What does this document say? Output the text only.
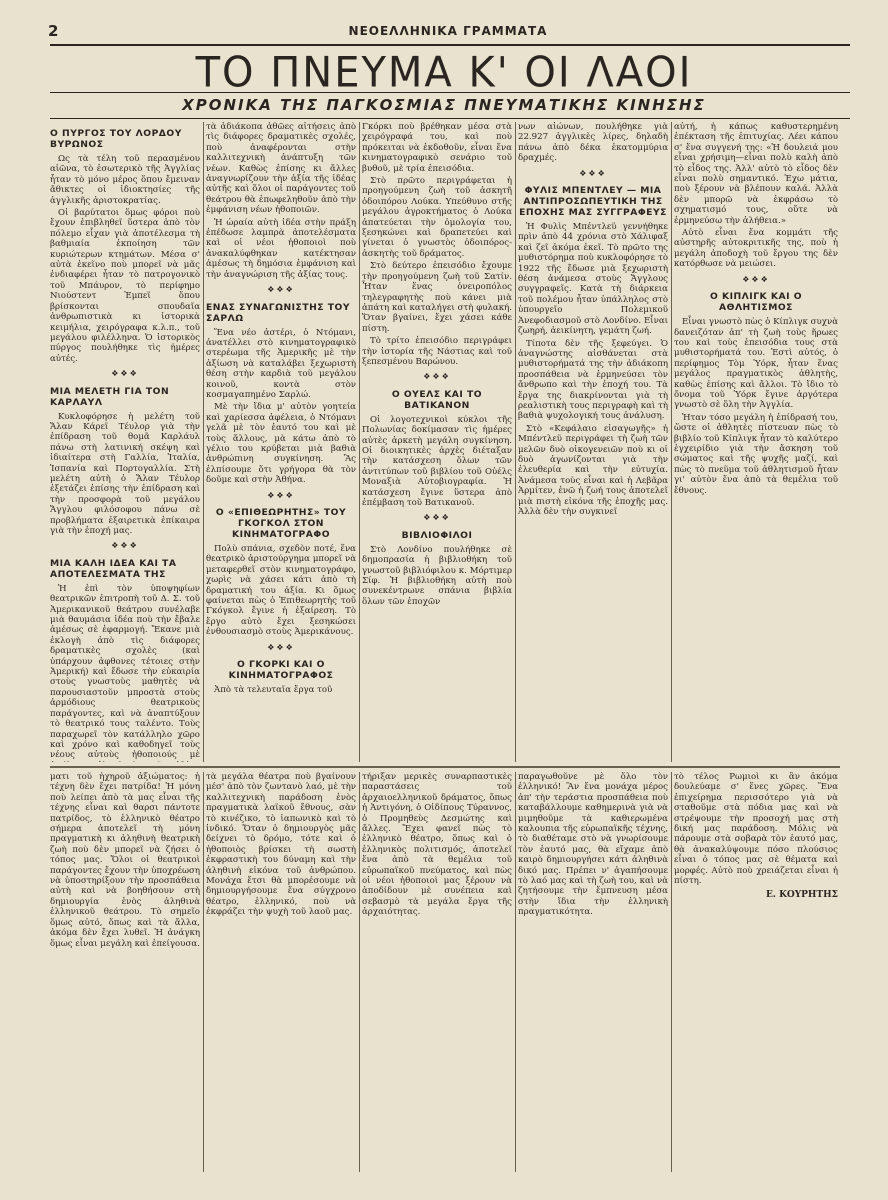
2	ΝΕΟΕΛΛΗΝΙΚΑ ΓΡΑΜΜΑΤΑ
ΤΟ ΠΝΕΥΜΑ Κ' ΟΙ ΛΑΟΙ
ΧΡΟΝΙΚΑ ΤΗΣ ΠΑΓΚΟΣΜΙΑΣ ΠΝΕΥΜΑΤΙΚΗΣ ΚΙΝΗΣΗΣ
Ο ΠΥΡΓΟΣ ΤΟΥ ΛΟΡΔΟΥ ΒΥΡΩΝΟΣ

Ως τὰ τέλη τοῦ περασμένου αἰῶνα, τὸ ἐσωτερικὸ τῆς Ἀγγλίας ἦταν τὸ μόνο μέρος ὅπου ἔμειναν ἄθικτες οἱ ἰδιοκτησίες τῆς ἀγγλικῆς ἀριστοκρατίας.

Οἱ βαρύτατοι ὅμως φόροι ποὺ ἔχουν ἐπιβληθεῖ ὕστερα ἀπὸ τὸν πόλεμο εἶχαν γιὰ ἀποτέλεσμα τὴ βαθμιαία ἐκποίηση τῶν κυριώτερων κτημάτων. Μέσα σ' αὐτὰ ἐκεῖνο ποὺ μπορεῖ νὰ μᾶς ἐνδιαφέρει ἦταν τὸ πατρογονικὸ τοῦ Μπάυρον, τὸ περίφημο Νιούστεντ Ἐμπεϊ ὅπου βρίσκονται σπουδαῖα ἀνθρωπιστικὰ κι ἱστορικὰ κειμήλια, χειρόγραφα κ.λ.π., τοῦ μεγάλου φιλέλληνα. Ὁ ἱστορικὸς πύργος πουλήθηκε τὶς ἡμέρες αὐτές.

❖❖❖
ΜΙΑ ΜΕΛΕΤΗ ΓΙΑ ΤΟΝ ΚΑΡΛΑΥΛ

Κυκλοφόρησε ἡ μελέτη τοῦ Ἄλαν Κάρεϊ Τέυλορ γιὰ τὴν ἐπίδραση τοῦ θομᾶ Καρλάυλ πάνω στὴ λατινική σκέψη καὶ ἰδιαίτερα στὴ Γαλλία, Ἰταλία, Ἰσπανία καὶ Πορτογαλλία. Στὴ μελέτη αὐτὴ ὁ Ἄλαν Τέυλορ ἐξετάζει ἐπίσης τὴν ἐπίδραση καὶ τὴν προσφορὰ τοῦ μεγάλου Ἄγγλου φιλόσοφου πάνω σὲ προβλήματα ἐξαιρετικὰ ἐπίκαιρα γιὰ τὴν ἐποχή μας.

❖❖❖
ΜΙΑ ΚΑΛΗ ΙΔΕΑ ΚΑΙ ΤΑ ΑΠΟΤΕΛΕΣΜΑΤΑ ΤΗΣ

Ἡ ἐπὶ τὸν ὑποψηφίων θεατρικῶν ἐπιτροπὴ τοῦ Δ. Σ. τοῦ Ἀμερικανικοῦ θεάτρου συνέλαβε μιὰ θαυμάσια ἰδέα ποὺ τὴν ἔβαλε ἀμέσως σὲ ἐφαρμογή. Ἔκανε μιὰ ἐκλογὴ ἀπὸ τὶς διάφορες δραματικὲς σχολὲς (καὶ ὑπάρχουν ἀφθονες τέτοιες στὴν Ἀμερική) καὶ ἔδωσε τὴν εὐκαιρία στοὺς γνωστοὺς μαθητὲς νὰ παρουσιαστοῦν μπροστὰ στοὺς ἀρμόδιους θεατρικοὺς παράγοντες, καὶ νὰ ἀναπτύξουν τὸ θεατρικό τους ταλέντο. Τοὺς παραχωρεῖ τὸν κατάλληλο χῶρο καὶ χρόνο καὶ καθοδηγεῖ τοὺς νέους αὐτοὺς ἠθοποιούς μὲ

τὰ ἀδιάκοπα ἀθῶες αἰτήσεις ἀπὸ τὶς διάφορες δραματικὲς σχολές, ποὺ ἀναφέρονται στὴν καλλιτεχνικὴ ἀνάπτυξη τῶν νέων. Καθὼς ἐπίσης κι ἄλλες ἀναγνωρίζουν τὴν ἀξία τῆς ἰδέας αὐτῆς καὶ ὅλοι οἱ παράγοντες τοῦ θεάτρου θὰ ἐπωφεληθοῦν ἀπὸ τὴν ἐμφάνιση νέων ἠθοποιῶν.

Ἡ ὡραία αὐτὴ ἰδέα στὴν πράξη ἐπέδωσε λαμπρὰ ἀποτελέσματα καὶ οἱ νέοι ἠθοποιοὶ ποὺ ἀνακαλύφθηκαν κατέκτησαν ἀμέσως τὴ δημόσια ἐμφάνιση καὶ τὴν ἀναγνώριση τῆς ἀξίας τους.

❖❖❖
ΕΝΑΣ ΣΥΝΑΓΩΝΙΣΤΗΣ ΤΟΥ ΣΑΡΛΩ

Ἕνα νέο ἀστέρι, ὁ Ντόμανι, ἀνατέλλει στὸ κινηματογραφικὸ στερέωμα τῆς Ἀμερικῆς μὲ τὴν ἀξίωση νὰ καταλάβει ξεχωριστὴ θέση στὴν καρδιὰ τοῦ μεγάλου κοινοῦ, κοντὰ στὸν κοσμαγαπημένο Σαρλώ.

Μὲ τὴν ἴδια μ' αὐτὸν γοητεία καὶ χαρίεσσα ἀφέλεια, ὁ Ντόμανι γελᾶ μὲ τὸν ἑαυτό του καὶ μὲ τοὺς ἄλλους, μὰ κάτω ἀπὸ τὸ γέλιο του κρύβεται μιὰ βαθιὰ ἀνθρώπινη συγκίνηση. Ἂς ἐλπίσουμε ὅτι γρήγορα θὰ τὸν δοῦμε καὶ στὴν Ἀθήνα.

❖❖❖
Ο «ΕΠΙΘΕΩΡΗΤΗΣ» ΤΟΥ ΓΚΟΓΚΟΛ ΣΤΟΝ ΚΙΝΗΜΑΤΟΓΡΑΦΟ

Πολὺ σπάνια, σχεδὸν ποτέ, ἕνα θεατρικὸ ἀριστούργημα μπορεῖ νὰ μεταφερθεῖ στὸν κινηματογράφο, χωρὶς νὰ χάσει κάτι ἀπὸ τὴ δραματική του ἀξία. Κι ὅμως φαίνεται πὼς ὁ Ἐπιθεωρητὴς τοῦ Γκόγκολ ἔγινε ἡ ἐξαίρεση. Τὸ ἔργο αὐτὸ ἔχει ξεσηκώσει ἐνθουσιασμὸ στοὺς Ἀμερικάνους.

❖❖❖
Ο ΓΚΟΡΚΙ ΚΑΙ Ο ΚΙΝΗΜΑΤΟΓΡΑΦΟΣ

Ἀπὸ τὰ τελευταῖα ἔργα τοῦ

Γκόρκι ποὺ βρέθηκαν μέσα στὰ χειρόγραφά του, καὶ ποὺ πρόκειται νὰ ἐκδοθοῦν, εἶναι ἕνα κινηματογραφικὸ σενάριο τοῦ βυθοῦ, μὲ τρία ἐπεισόδια.

Στὸ πρῶτο περιγράφεται ἡ προηγούμενη ζωὴ τοῦ ἀσκητῆ ὁδοιπόρου Λούκα. Υπεύθυνο στῆς μεγάλου ἀγροκτήματος ὁ Λούκα ἀπατεύεται τὴν ὁμολογία του, ξεσηκώνει καὶ δραπετεύει καὶ γίνεται ὁ γνωστὸς ὁδοιπόρος-ἀσκητὴς τοῦ δράματος.

Στὸ δεύτερο ἐπεισόδιο ἔχουμε τὴν προηγούμενη ζωὴ τοῦ Σατίν. Ἦταν ἕνας ὀνειροπόλος τηλεγραφητὴς ποὺ κάνει μιὰ ἀπάτη καὶ καταλήγει στὴ φυλακή. Ὅταν βγαίνει, ἔχει χάσει κάθε πίστη.

Τὸ τρίτο ἐπεισόδιο περιγράφει τὴν ἱστορία τῆς Νάστιας καὶ τοῦ ξεπεσμένου Βαρώνου.

❖❖❖
Ο ΟΥΕΛΣ ΚΑΙ ΤΟ ΒΑΤΙΚΑΝΟΝ

Οἱ λογοτεχνικοὶ κύκλοι τῆς Πολωνίας δοκίμασαν τὶς ἡμέρες αὐτὲς ἀρκετὴ μεγάλη συγκίνηση. Οἱ διοικητικὲς ἀρχὲς διέταξαν τὴν κατάσχεση ὅλων τῶν ἀντιτύπων τοῦ βιβλίου τοῦ Οὐέλς Μοναξιὰ Αὐτοβιογραφία. Ἡ κατάσχεση ἔγινε ὕστερα ἀπὸ ἐπέμβαση τοῦ Βατικανοῦ.

❖❖❖
ΒΙΒΛΙΟΦΙΛΟΙ

Στὸ Λονδίνο πουλήθηκε σὲ δημοπρασία ἡ βιβλιοθήκη τοῦ γνωστοῦ βιβλιόφιλου κ. Μόρτιμερ Σίφ. Ἡ βιβλιοθήκη αὐτὴ ποὺ συνεκέντρωνε σπάνια βιβλία ὅλων τῶν ἐποχῶν

νων αἰώνων, πουλήθηκε γιὰ 22.927 ἀγγλικὲς λίρες, δηλαδὴ πάνω ἀπὸ δέκα ἑκατομμύρια δραχμές.

❖❖❖
ΦΥΛΙΣ ΜΠΕΝΤΛΕΥ — ΜΙΑ ΑΝΤΙΠΡΟΣΩΠΕΥΤΙΚΗ ΤΗΣ ΕΠΟΧΗΣ ΜΑΣ ΣΥΓΓΡΑΦΕΥΣ

Ἡ Φυλὶς Μπέντλεϋ γεννήθηκε πρὶν ἀπὸ 44 χρόνια στὸ Χάλιφαξ καὶ ζεῖ ἀκόμα ἐκεῖ. Τὸ πρῶτο της μυθιστόρημα ποὺ κυκλοφόρησε τὸ 1922 τῆς ἔδωσε μιὰ ξεχωριστὴ θέση ἀνάμεσα στοὺς Ἄγγλους συγγραφεῖς. Κατὰ τὴ διάρκεια τοῦ πολέμου ἦταν ὑπάλληλος στὸ ὑπουργεῖο Πολεμικοῦ Ἀνεφοδιασμοῦ στὸ Λονδίνο. Εἶναι ζωηρή, ἀεικίνητη, γεμάτη ζωή.

Τίποτα δὲν τῆς ξεφεύγει. Ὁ ἀναγνώστης αἰσθάνεται στὰ μυθιστορήματά της τὴν ἀδιάκοπη προσπάθεια νὰ ἐρμηνεύσει τὸν ἄνθρωπο καὶ τὴν ἐποχή του. Τὰ ἔργα της διακρίνονται γιὰ τὴ ρεαλιστικὴ τους περιγραφὴ καὶ τὴ βαθιὰ ψυχολογική τους ἀνάλυση.

Στὸ «Κεφάλαιο εἰσαγωγῆς» ἡ Μπέντλεϋ περιγράφει τὴ ζωὴ τῶν μελῶν δυὸ οἰκογενειῶν ποὺ κι οἱ δυὸ ἀγωνίζονται γιὰ τὴν ἐλευθερία καὶ τὴν εὐτυχία. Ἀνάμεσα τοὺς εἶναι καὶ ἡ Λεβᾶρα Ἀρμίτεν, ἐνῶ ἡ ζωή τους ἀποτελεῖ μιὰ πιστὴ εἰκόνα τῆς ἐποχῆς μας. Ἀλλὰ δὲν τὴν συγκινεῖ

αὐτή, ἡ κάπως καθυστερημένη ἐπέκταση τῆς ἐπιτυχίας. Λέει κάπου σ' ἕνα συγγενή της: «Ἡ δουλειά μου εἶναι χρήσιμη—εἶναι πολὺ καλὴ ἀπὸ τὸ εἶδος της. Ἀλλ' αὐτὸ τὸ εἶδος δὲν εἶναι πολὺ σημαντικό. Ἐχω μάτια, ποὺ ξέρουν νὰ βλέπουν καλά. Ἀλλὰ δὲν μπορῶ νὰ ἐκφράσω τὸ σχηματισμό τους, οὔτε νὰ ἐρμηνεύσω τὴν ἀλήθεια.»

Αὐτὸ εἶναι ἕνα κομμάτι τῆς αὐστηρῆς αὐτοκριτικῆς της, ποὺ ἡ μεγάλη ἀποδοχὴ τοῦ ἔργου της δὲν κατόρθωσε νὰ μειώσει.

❖❖❖
Ο ΚΙΠΛΙΓΚ ΚΑΙ Ο ΑΘΛΗΤΙΣΜΟΣ

Εἶναι γνωστὸ πὼς ὁ Κίπλιγκ συχνὰ δανειζόταν ἀπ' τὴ ζωὴ τοὺς ἥρωες του καὶ τοὺς ἐπεισόδια τους στὰ μυθιστορήματά του. Ἐστὶ αὐτός, ὁ περίφημος Τὸμ Ὑόρκ, ἦταν ἕνας μεγάλος πραγματικὸς ἀθλητὴς, καθὼς ἐπίσης καὶ ἄλλοι. Τὸ ἴδιο τὸ ὄνομα τοῦ Ὑόρκ ἔγινε ἀργότερα γνωστὸ σὲ ὅλη τὴν Ἀγγλία.

Ἡταν τόσο μεγάλη ἡ ἐπίδρασή του, ὥστε οἱ ἀθλητὲς πίστευαν πὼς τὸ βιβλίο τοῦ Κίπλιγκ ἦταν τὸ καλύτερο ἐγχειρίδιο γιὰ τὴν ἄσκηση τοῦ σώματος καὶ τῆς ψυχῆς μαζί, καὶ πὼς τὸ πνεῦμα τοῦ ἀθλητισμοῦ ἦταν γι' αὐτὸν ἕνα ἀπὸ τὰ θεμέλια τοῦ ἔθνους.

ματι τοῦ ἠχηροῦ ἀξιώματος: ἡ τέχνη δὲν ἔχει πατρίδα! Ἡ μόνη ποὺ λείπει ἀπὸ τὰ μας εἶναι τῆς τέχνης εἶναι καὶ θαρσι πάντοτε πατρίδος, τὸ ἑλληνικὸ θέατρο σήμερα ἀποτελεῖ τὴ μόνη πραγματικὴ κι ἀληθινὴ θεατρικὴ ζωὴ ποὺ δὲν μπορεῖ νὰ ζήσει ὁ τόπος μας. Ὅλοι οἱ θεατρικοὶ παράγοντες ἔχουν τὴν ὑποχρέωση νὰ ὑποστηρίξουν τὴν προσπάθεια αὐτὴ καὶ νὰ βοηθήσουν στὴ δημιουργία ἑνὸς ἀληθινὰ ἑλληνικοῦ θεάτρου. Τὸ σημεῖο ὅμως αὐτό, ὅπως καὶ τὰ ἄλλα, ἀκόμα δὲν ἔχει λυθεῖ. Ἡ ἀνάγκη ὅμως εἶναι μεγάλη καὶ ἐπείγουσα.

τὰ μεγάλα θέατρα ποὺ βγαίνουν μέσ' ἀπὸ τὸν ζωντανὸ λαό, μὲ τὴν καλλιτεχνικὴ παράδοση ἑνὸς πραγματικὰ λαϊκοῦ ἔθνους, σὰν τὸ κινέζικο, τὸ ἰαπωνικὸ καὶ τὸ ἰνδικό. Ὅταν ὁ δημιουργὸς μᾶς δείχνει τὸ δρόμο, τότε καὶ ὁ ἠθοποιὸς βρίσκει τὴ σωστὴ ἐκφραστικὴ του δύναμη καὶ τὴν ἀληθινὴ εἰκόνα τοῦ ἀνθρώπου. Μονάχα ἔτσι θὰ μπορέσουμε νὰ δημιουργήσουμε ἕνα σύγχρονο θέατρο, ἑλληνικό, ποὺ νὰ ἐκφράζει τὴν ψυχὴ τοῦ λαοῦ μας.

τήριξαν μερικὲς συναρπαστικὲς παραστάσεις τοῦ ἀρχαιοελληνικοῦ δράματος, ὅπως ἡ Ἀντιγόνη, ὁ Οἰδίπους Τύραννος, ὁ Προμηθεὺς Δεσμώτης καὶ ἄλλες. Ἔχει φανεῖ πὼς τὸ ἑλληνικὸ θέατρο, ὅπως καὶ ὁ ἑλληνικὸς πολιτισμός, ἀποτελεῖ ἕνα ἀπὸ τὰ θεμέλια τοῦ εὐρωπαϊκοῦ πνεύματος, καὶ πὼς οἱ νέοι ἠθοποιοὶ μας ξέρουν νὰ ἀποδίδουν μὲ συνέπεια καὶ σεβασμὸ τὰ μεγάλα ἔργα τῆς ἀρχαιότητας.

παραγωθοῦνε μὲ ὅλο τὸν ἑλληνικό! Ἂν ἔνα μονάχα μέρος ἀπ' τὴν τεράστια προσπάθεια ποὺ καταβάλλουμε καθημερινὰ γιὰ νὰ μιμηθοῦμε τὰ καθιερωμένα καλουπια τῆς εὐρωπαϊκῆς τέχνης, τὸ διαθέταμε στὸ νὰ γνωρίσουμε τὸν ἑαυτό μας, θὰ εἴχαμε ἀπὸ καιρὸ δημιουργήσει κάτι ἀληθινὰ δικό μας. Πρέπει ν' ἀγαπήσουμε τὸ λαό μας καὶ τὴ ζωὴ του, καὶ νὰ ζητήσουμε τὴν ἔμπνευση μέσα στὴν ἴδια τὴν ἑλληνικὴ πραγματικότητα.

τὸ τέλος Ρωμιοὶ κι ἂν ἀκόμα δουλεύαμε σ' ἕνες χῶρες. Ἕνα ἐπιχείρημα περισσότερο γιὰ νὰ σταθοῦμε στὰ πόδια μας καὶ νὰ στρέψουμε τὴν προσοχή μας στὴ δική μας παράδοση. Μόλις νὰ πάρουμε στὰ σοβαρὰ τὸν ἑαυτό μας, θὰ ἀνακαλύψουμε πόσο πλούσιος εἶναι ὁ τόπος μας σὲ θέματα καὶ μορφές. Αὐτὸ ποὺ χρειάζεται εἶναι ἡ πίστη.

Ε. ΚΟΥΡΗΤΗΣ
